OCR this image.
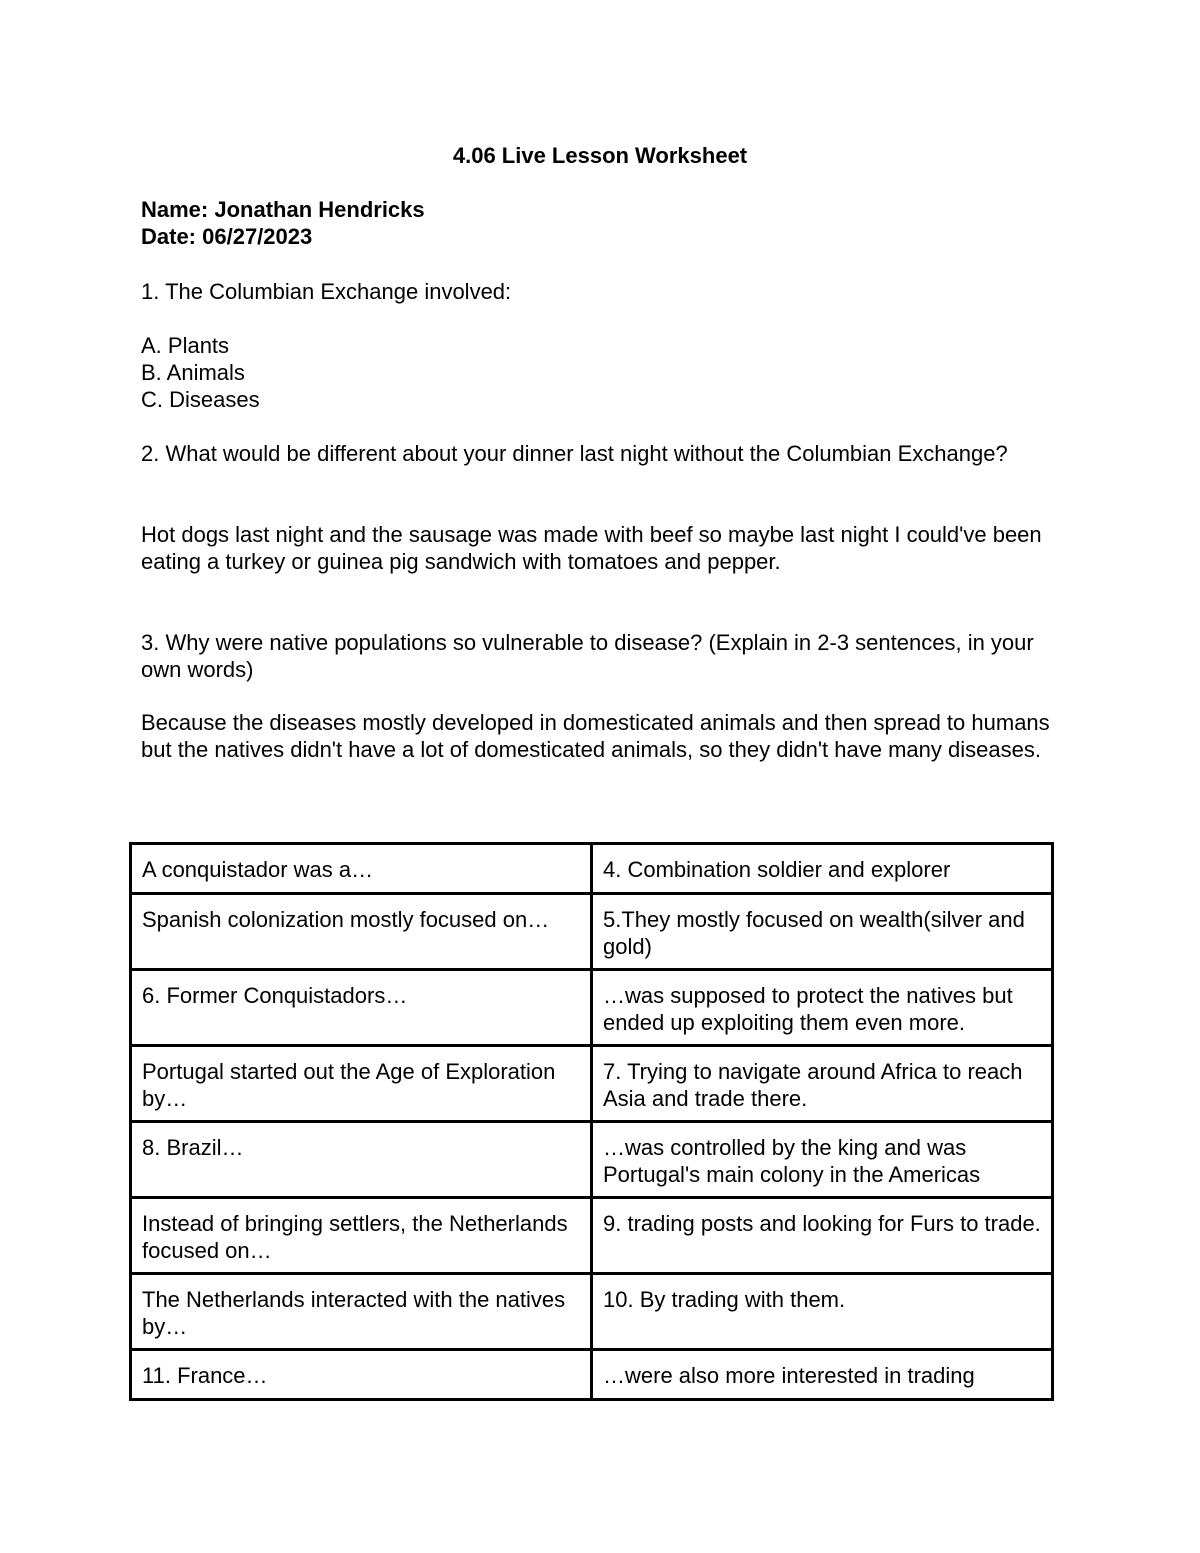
4.06 Live Lesson Worksheet
Name: Jonathan Hendricks
Date: 06/27/2023
1. The Columbian Exchange involved:
A. Plants
B. Animals
C. Diseases
2. What would be different about your dinner last night without the Columbian Exchange?
Hot dogs last night and the sausage was made with beef so maybe last night I could've been eating a turkey or guinea pig sandwich with tomatoes and pepper.
3. Why were native populations so vulnerable to disease? (Explain in 2-3 sentences, in your own words)
Because the diseases mostly developed in domesticated animals and then spread to humans but the natives didn't have a lot of domesticated animals, so they didn't have many diseases.
A conquistador was a…	4. Combination soldier and explorer
Spanish colonization mostly focused on…	5.They mostly focused on wealth(silver and gold)
6. Former Conquistadors…	…was supposed to protect the natives but ended up exploiting them even more.
Portugal started out the Age of Exploration by…	7. Trying to navigate around Africa to reach Asia and trade there.
8. Brazil…	…was controlled by the king and was Portugal's main colony in the Americas
Instead of bringing settlers, the Netherlands focused on…	9. trading posts and looking for Furs to trade.
The Netherlands interacted with the natives by…	10. By trading with them.
11. France…	…were also more interested in trading
